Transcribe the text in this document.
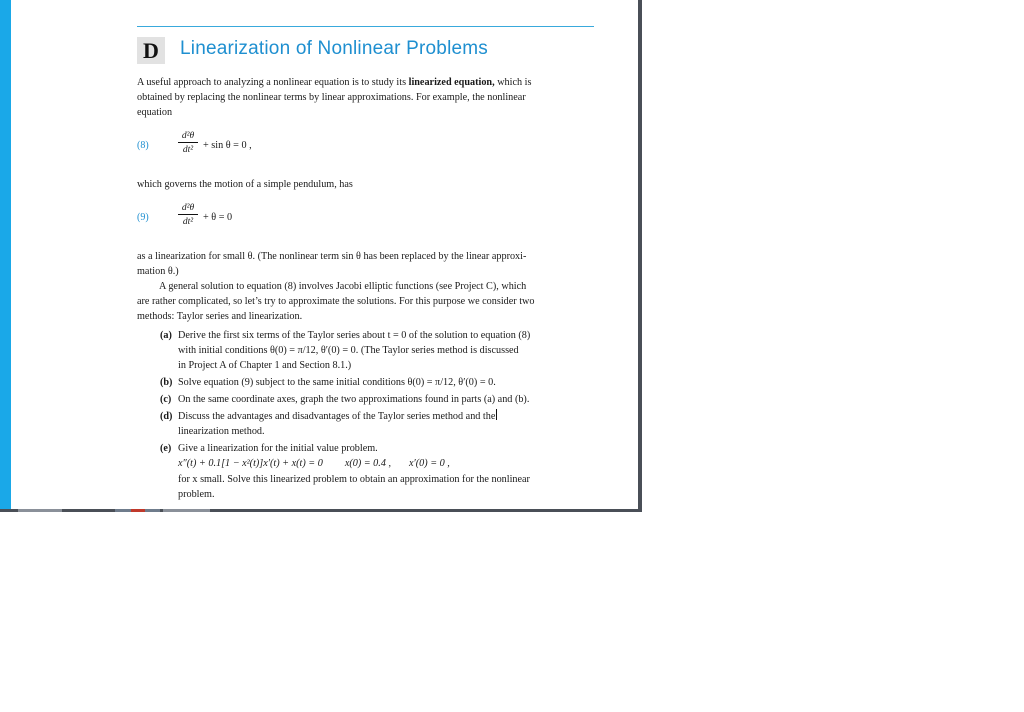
D	Linearization of Nonlinear Problems
A useful approach to analyzing a nonlinear equation is to study its linearized equation, which is
obtained by replacing the nonlinear terms by linear approximations. For example, the nonlinear
equation
(8)	$\frac{\text{d²θ}}{\text{dt²}} + \sin \theta = 0$ ,
which governs the motion of a simple pendulum, has
(9)	$\frac{\text{d²θ}}{\text{dt²}} + \theta = 0$
as a linearization for small θ. (The nonlinear term sin θ has been replaced by the linear approxi-
mation θ.)
A general solution to equation (8) involves Jacobi elliptic functions (see Project C), which
are rather complicated, so let’s try to approximate the solutions. For this purpose we consider two
methods: Taylor series and linearization.
(a) Derive the first six terms of the Taylor series about t = 0 of the solution to equation (8)
with initial conditions θ(0) = π/12, θ′(0) = 0. (The Taylor series method is discussed
in Project A of Chapter 1 and Section 8.1.)
(b) Solve equation (9) subject to the same initial conditions θ(0) = π/12, θ′(0) = 0.
(c) On the same coordinate axes, graph the two approximations found in parts (a) and (b).
(d) Discuss the advantages and disadvantages of the Taylor series method and the
linearization method.
(e) Give a linearization for the initial value problem.
x″(t) + 0.1[1 − x²(t)]x′(t) + x(t) = 0 x(0) = 0.4 , x′(0) = 0 ,
for x small. Solve this linearized problem to obtain an approximation for the nonlinear
problem.
